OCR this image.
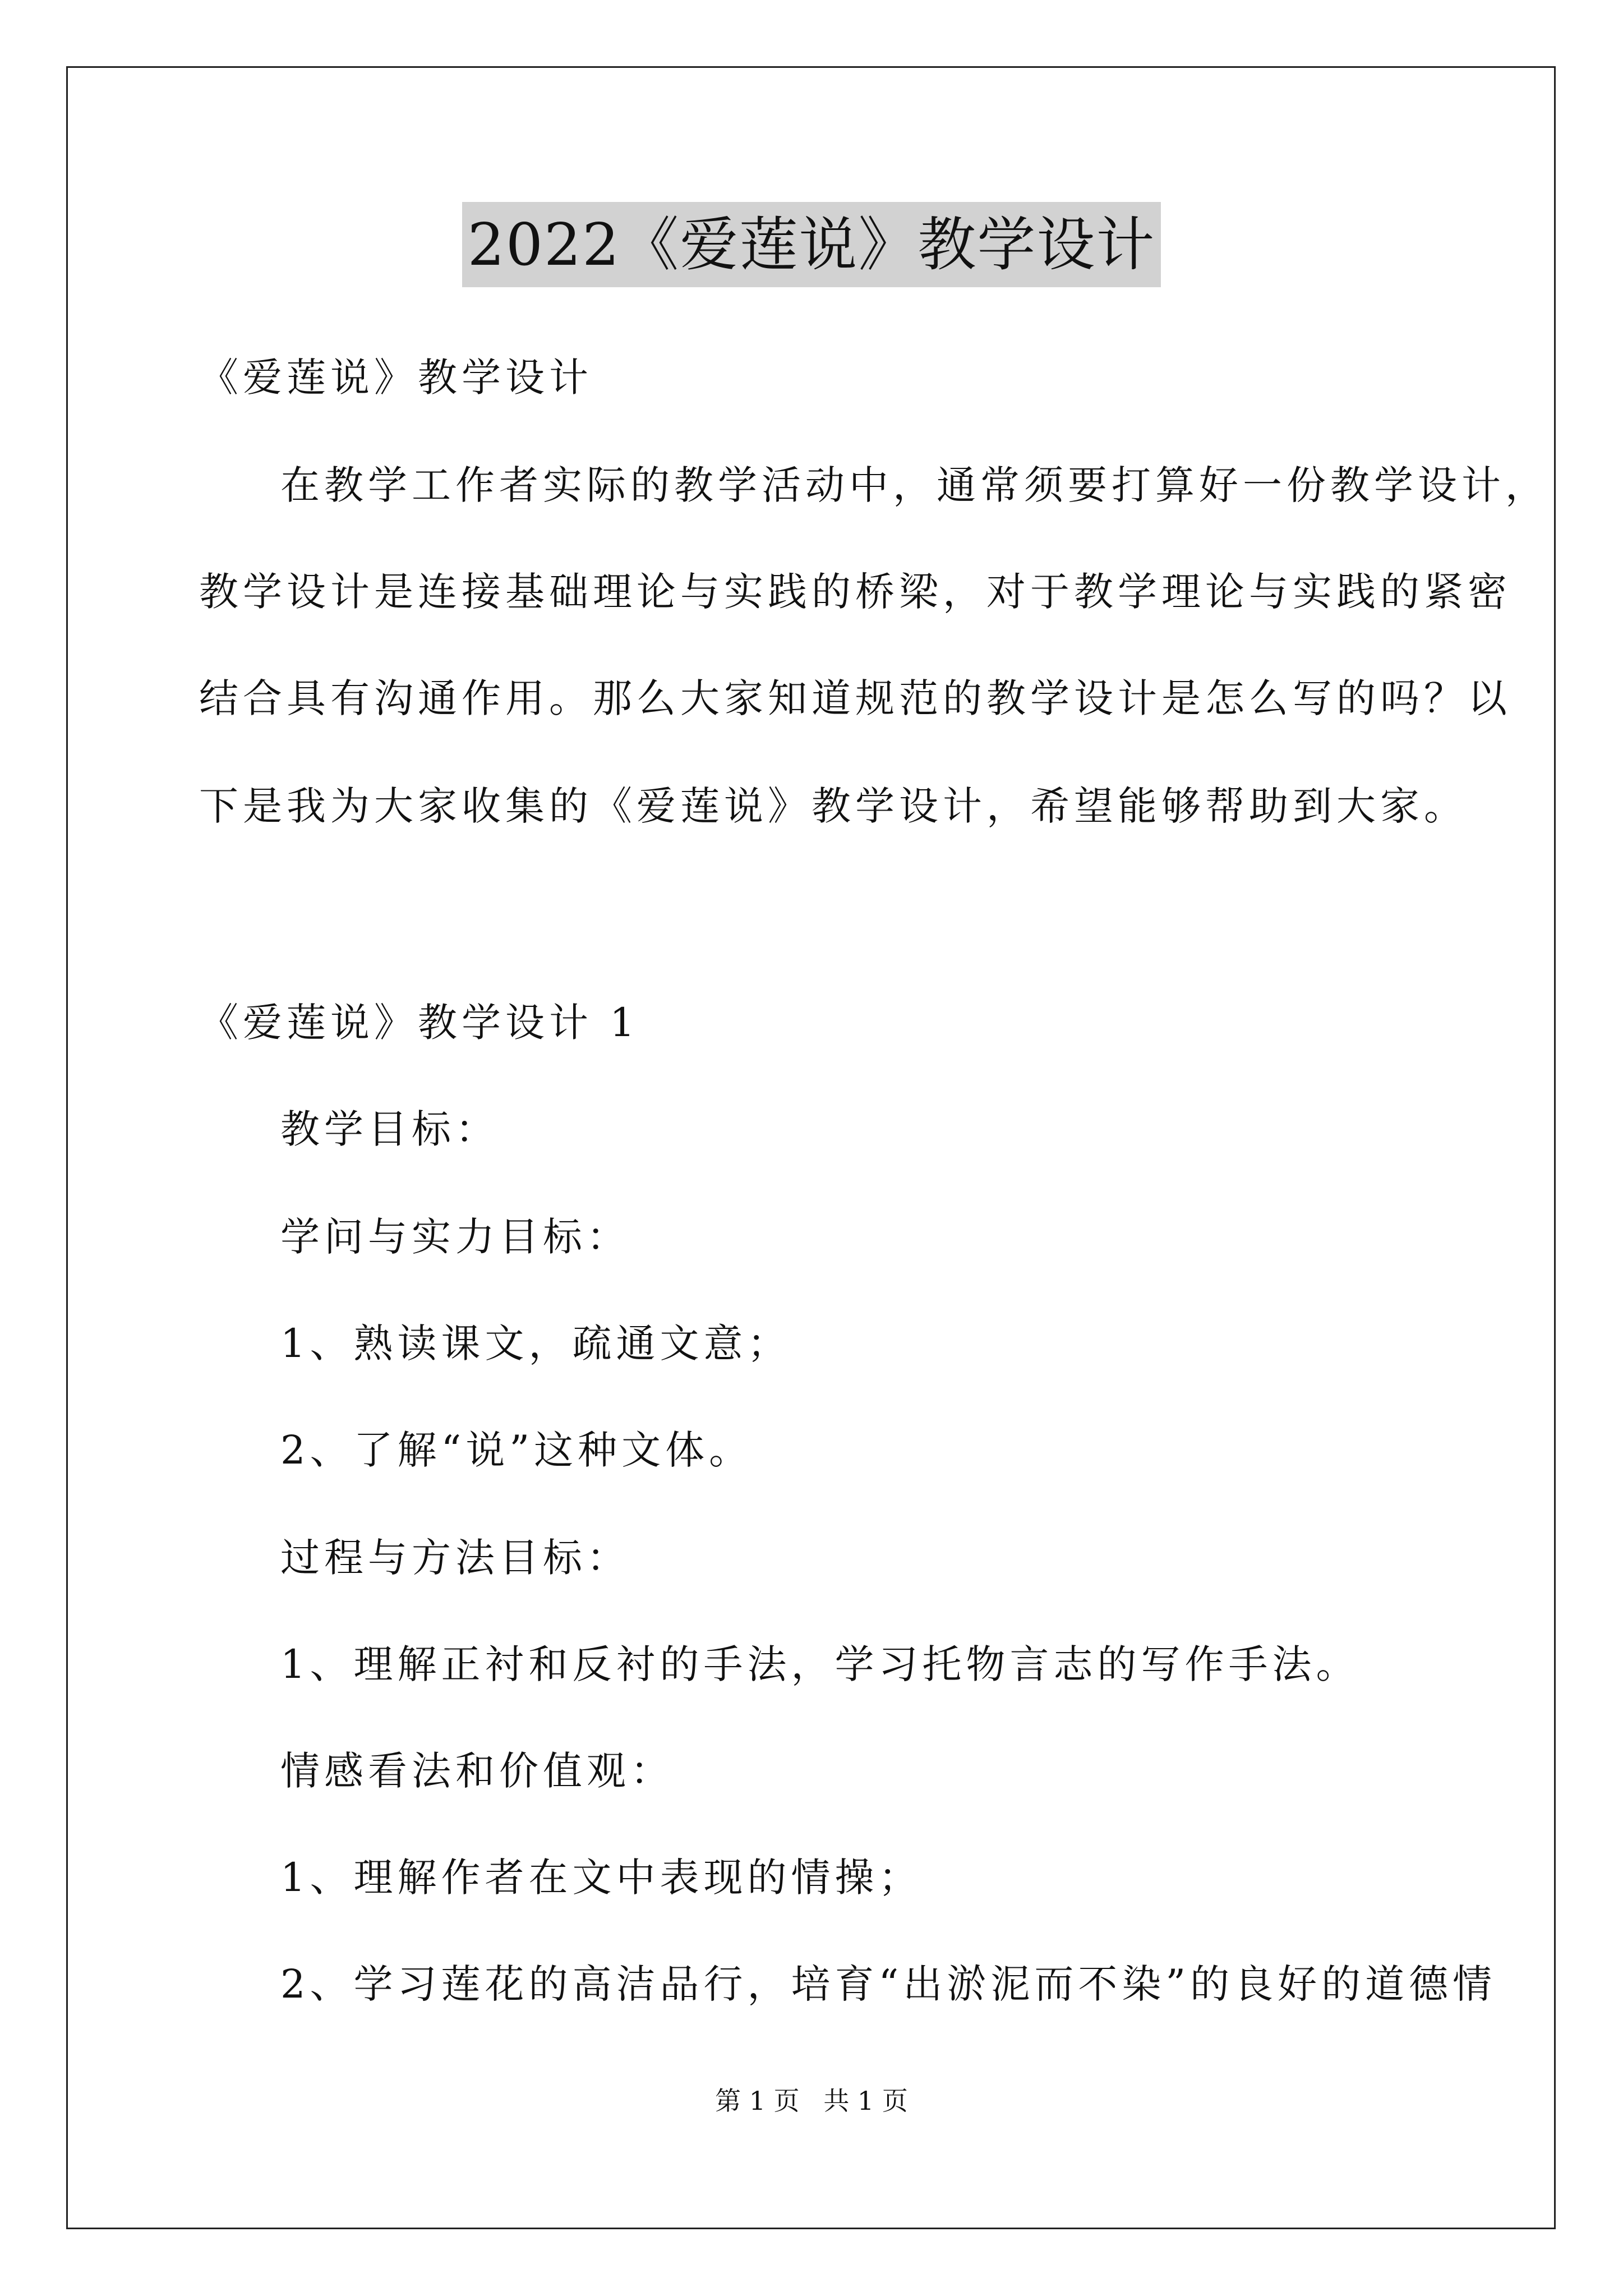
2022《爱莲说》教学设计
《爱莲说》教学设计
在教学工作者实际的教学活动中，通常须要打算好一份教学设计，
教学设计是连接基础理论与实践的桥梁，对于教学理论与实践的紧密
结合具有沟通作用。那么大家知道规范的教学设计是怎么写的吗？以
下是我为大家收集的《爱莲说》教学设计，希望能够帮助到大家。
《爱莲说》教学设计 1
教学目标：
学问与实力目标：
1、熟读课文，疏通文意；
2、了解“说”这种文体。
过程与方法目标：
1、理解正衬和反衬的手法，学习托物言志的写作手法。
情感看法和价值观：
1、理解作者在文中表现的情操；
2、学习莲花的高洁品行，培育“出淤泥而不染”的良好的道德情
第 1 页 共 1 页
